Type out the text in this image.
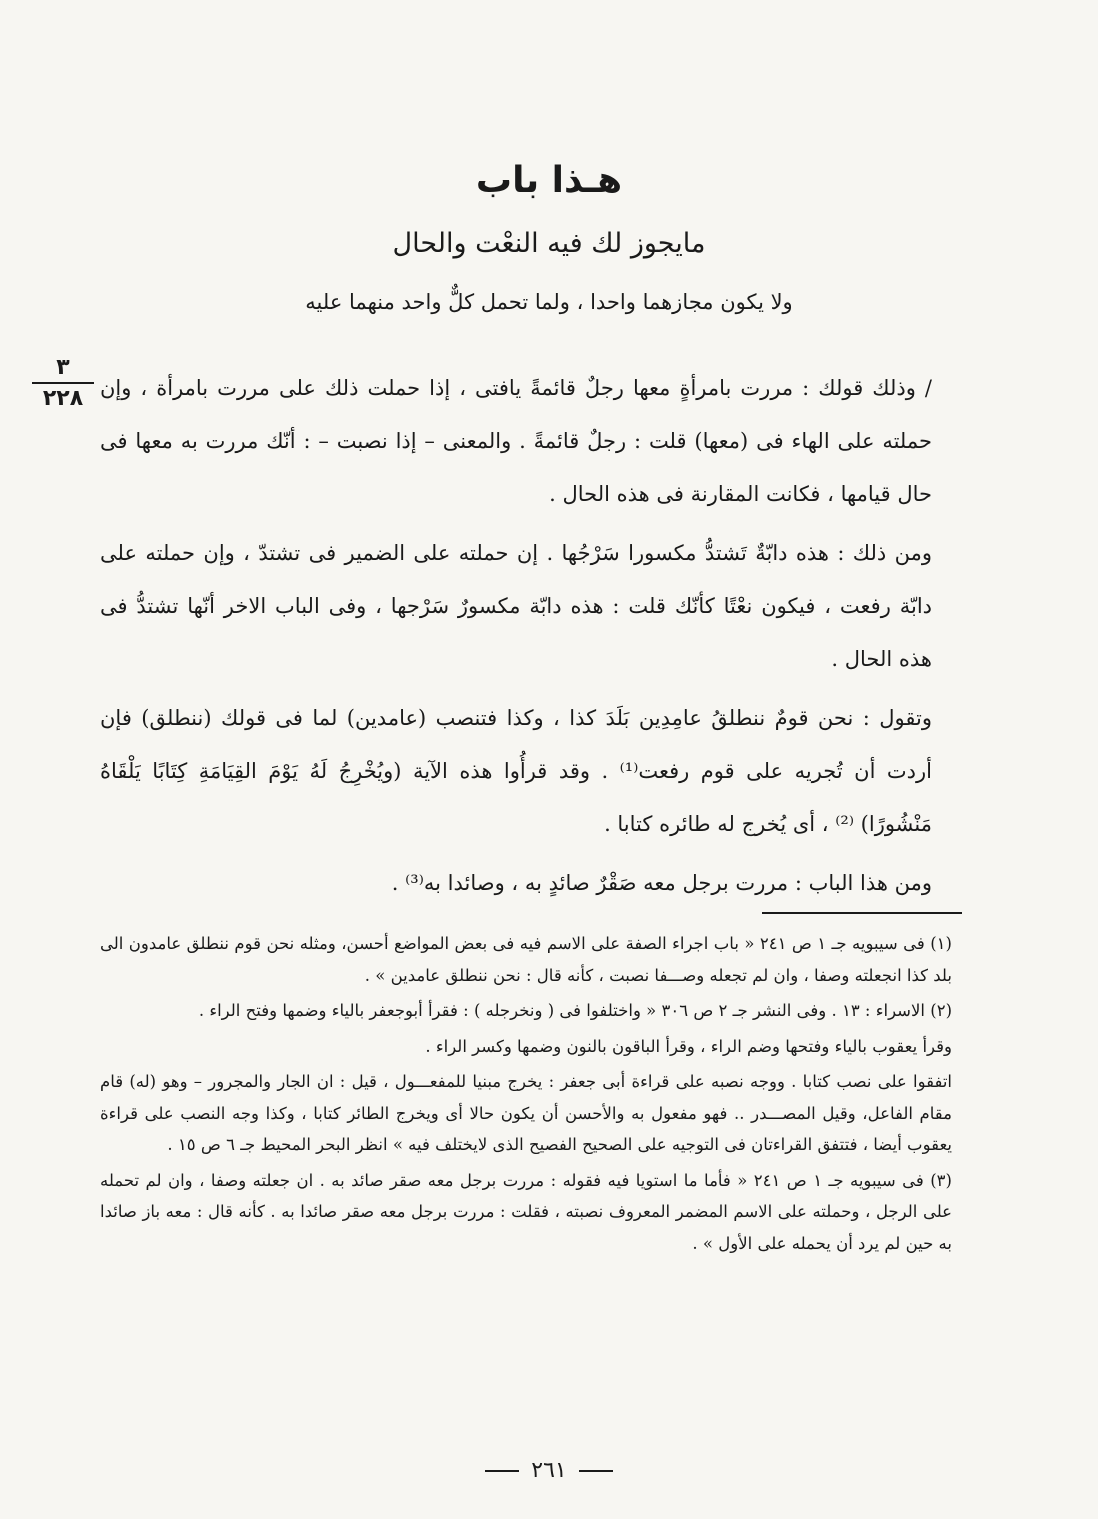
هـذا باب
مايجوز لك فيه النعْت والحال
ولا يكون مجازهما واحدا ، ولما تحمل كلٌّ واحد منهما عليه
٣
٢٢٨ / وذلك قولك : مررت بامرأةٍ معها رجلٌ قائمةً يافتى ، إذا حملت ذلك على مررت بامرأة ، وإن حملته على الهاء فى (معها) قلت : رجلٌ قائمةً . والمعنى – إذا نصبت – : أنّك مررت به معها فى حال قيامها ، فكانت المقارنة فى هذه الحال .

ومن ذلك : هذه دابّةٌ تَشتدُّ مكسورا سَرْجُها . إن حملته على الضمير فى تشتدّ ، وإن حملته على دابّة رفعت ، فيكون نعْتًا كأنّك قلت : هذه دابّة مكسورٌ سَرْجها ، وفى الباب الاخر أنّها تشتدُّ فى هذه الحال .

وتقول : نحن قومٌ ننطلقُ عامِدِين بَلَدَ كذا ، وكذا فتنصب (عامدين) لما فى قولك (ننطلق) فإن أردت أن تُجريه على قوم رفعت⁽¹⁾ . وقد قرأُوا هذه الآية (ويُخْرِجُ لَهُ يَوْمَ القِيَامَةِ كِتَابًا يَلْقَاهُ مَنْشُورًا) ⁽²⁾ ، أى يُخرج له طائره كتابا .

ومن هذا الباب : مررت برجل معه صَقْرٌ صائدٍ به ، وصائدا به⁽³⁾ .

(١) فى سيبويه جـ ١ ص ٢٤١ « باب اجراء الصفة على الاسم فيه فى بعض المواضع أحسن، ومثله نحن قوم ننطلق عامدون الى بلد كذا انجعلته وصفا ، وان لم تجعله وصـــفا نصبت ، كأنه قال : نحن ننطلق عامدين » .

(٢) الاسراء : ١٣ . وفى النشر جـ ٢ ص ٣٠٦ « واختلفوا فى ( ونخرجله ) : فقرأ أبوجعفر بالياء وضمها وفتح الراء .

وقرأ يعقوب بالياء وفتحها وضم الراء ، وقرأ الباقون بالنون وضمها وكسر الراء .

اتفقوا على نصب كتابا . ووجه نصبه على قراءة أبى جعفر : يخرج مبنيا للمفعـــول ، قيل : ان الجار والمجرور – وهو (له) قام مقام الفاعل، وقيل المصـــدر .. فهو مفعول به والأحسن أن يكون حالا أى ويخرج الطائر كتابا ، وكذا وجه النصب على قراءة يعقوب أيضا ، فتتفق القراءتان فى التوجيه على الصحيح الفصيح الذى لايختلف فيه » انظر البحر المحيط جـ ٦ ص ١٥ .

(٣) فى سيبويه جـ ١ ص ٢٤١ « فأما ما استويا فيه فقوله : مررت برجل معه صقر صائد به . ان جعلته وصفا ، وان لم تحمله على الرجل ، وحملته على الاسم المضمر المعروف نصبته ، فقلت : مررت برجل معه صقر صائدا به . كأنه قال : معه باز صائدا به حين لم يرد أن يحمله على الأول » .

٢٦١
